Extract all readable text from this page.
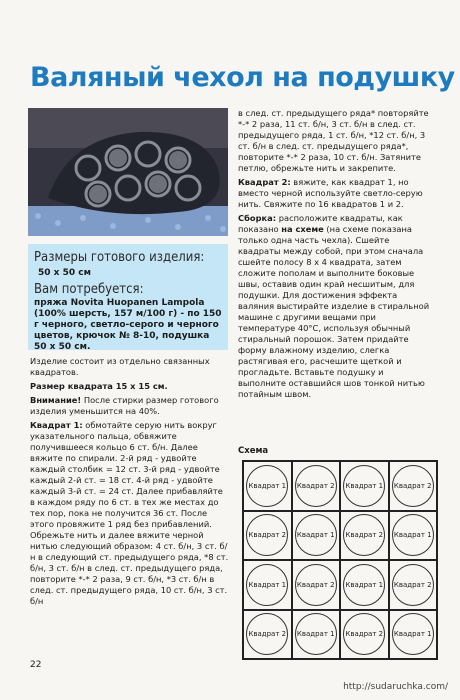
Валяный чехол на подушку
Размеры готового изделия:
50 х 50 см
Вам потребуется:
пряжа Novita Huopanen Lampola (100% шерсть, 157 м/100 г) - по 150 г черного, светло-серого и черного цветов, крючок № 8-10, подушка 50 х 50 см.

Изделие состоит из отдельно связанных квадратов.

Размер квадрата 15 х 15 см.

Внимание! После стирки размер готового изделия уменьшится на 40%.

Квадрат 1: обмотайте серую нить вокруг указательного пальца, обвяжите получившееся кольцо 6 ст. б/н. Далее вяжите по спирали. 2-й ряд - удвойте каждый столбик = 12 ст. 3-й ряд - удвойте каждый 2-й ст. = 18 ст. 4-й ряд - удвойте каждый 3-й ст. = 24 ст. Далее прибавляйте в каждом ряду по 6 ст. в тех же местах до тех пор, пока не получится 36 ст. После этого провяжите 1 ряд без прибавлений. Обрежьте нить и далее вяжите черной нитью следующий образом: 4 ст. б/н, 3 ст. б/н в следующий ст. предыдущего ряда, *8 ст. б/н, 3 ст. б/н в след. ст. предыдущего ряда, повторите *-* 2 раза, 9 ст. б/н, *3 ст. б/н в след. ст. предыдущего ряда, 10 ст. б/н, 3 ст. б/н

в след. ст. предыдущего ряда* повторяйте *-* 2 раза, 11 ст. б/н, 3 ст. б/н в след. ст. предыдущего ряда, 1 ст. б/н, *12 ст. б/н, 3 ст. б/н в след. ст. предыдущего ряда*, повторите *-* 2 раза, 10 ст. б/н. Затяните петлю, обрежьте нить и закрепите.

Квадрат 2: вяжите, как квадрат 1, но вместо черной используйте светло-серую нить. Свяжите по 16 квадратов 1 и 2.

Сборка: расположите квадраты, как показано на схеме (на схеме показана только одна часть чехла). Сшейте квадраты между собой, при этом сначала сшейте полосу 8 х 4 квадрата, затем сложите пополам и выполните боковые швы, оставив один край несшитым, для подушки. Для достижения эффекта валяния выстирайте изделие в стиральной машине с другими вещами при температуре 40°С, используя обычный стиральный порошок. Затем придайте форму влажному изделию, слегка растягивая его, расчешите щеткой и прогладьте. Вставьте подушку и выполните оставшийся шов тонкой нитью потайным швом.

Схема
Квадрат 1 Квадрат 2 Квадрат 1 Квадрат 2
Квадрат 2 Квадрат 1 Квадрат 2 Квадрат 1
Квадрат 1 Квадрат 2 Квадрат 1 Квадрат 2
Квадрат 2 Квадрат 1 Квадрат 2 Квадрат 1
22
http://sudaruchka.com/
